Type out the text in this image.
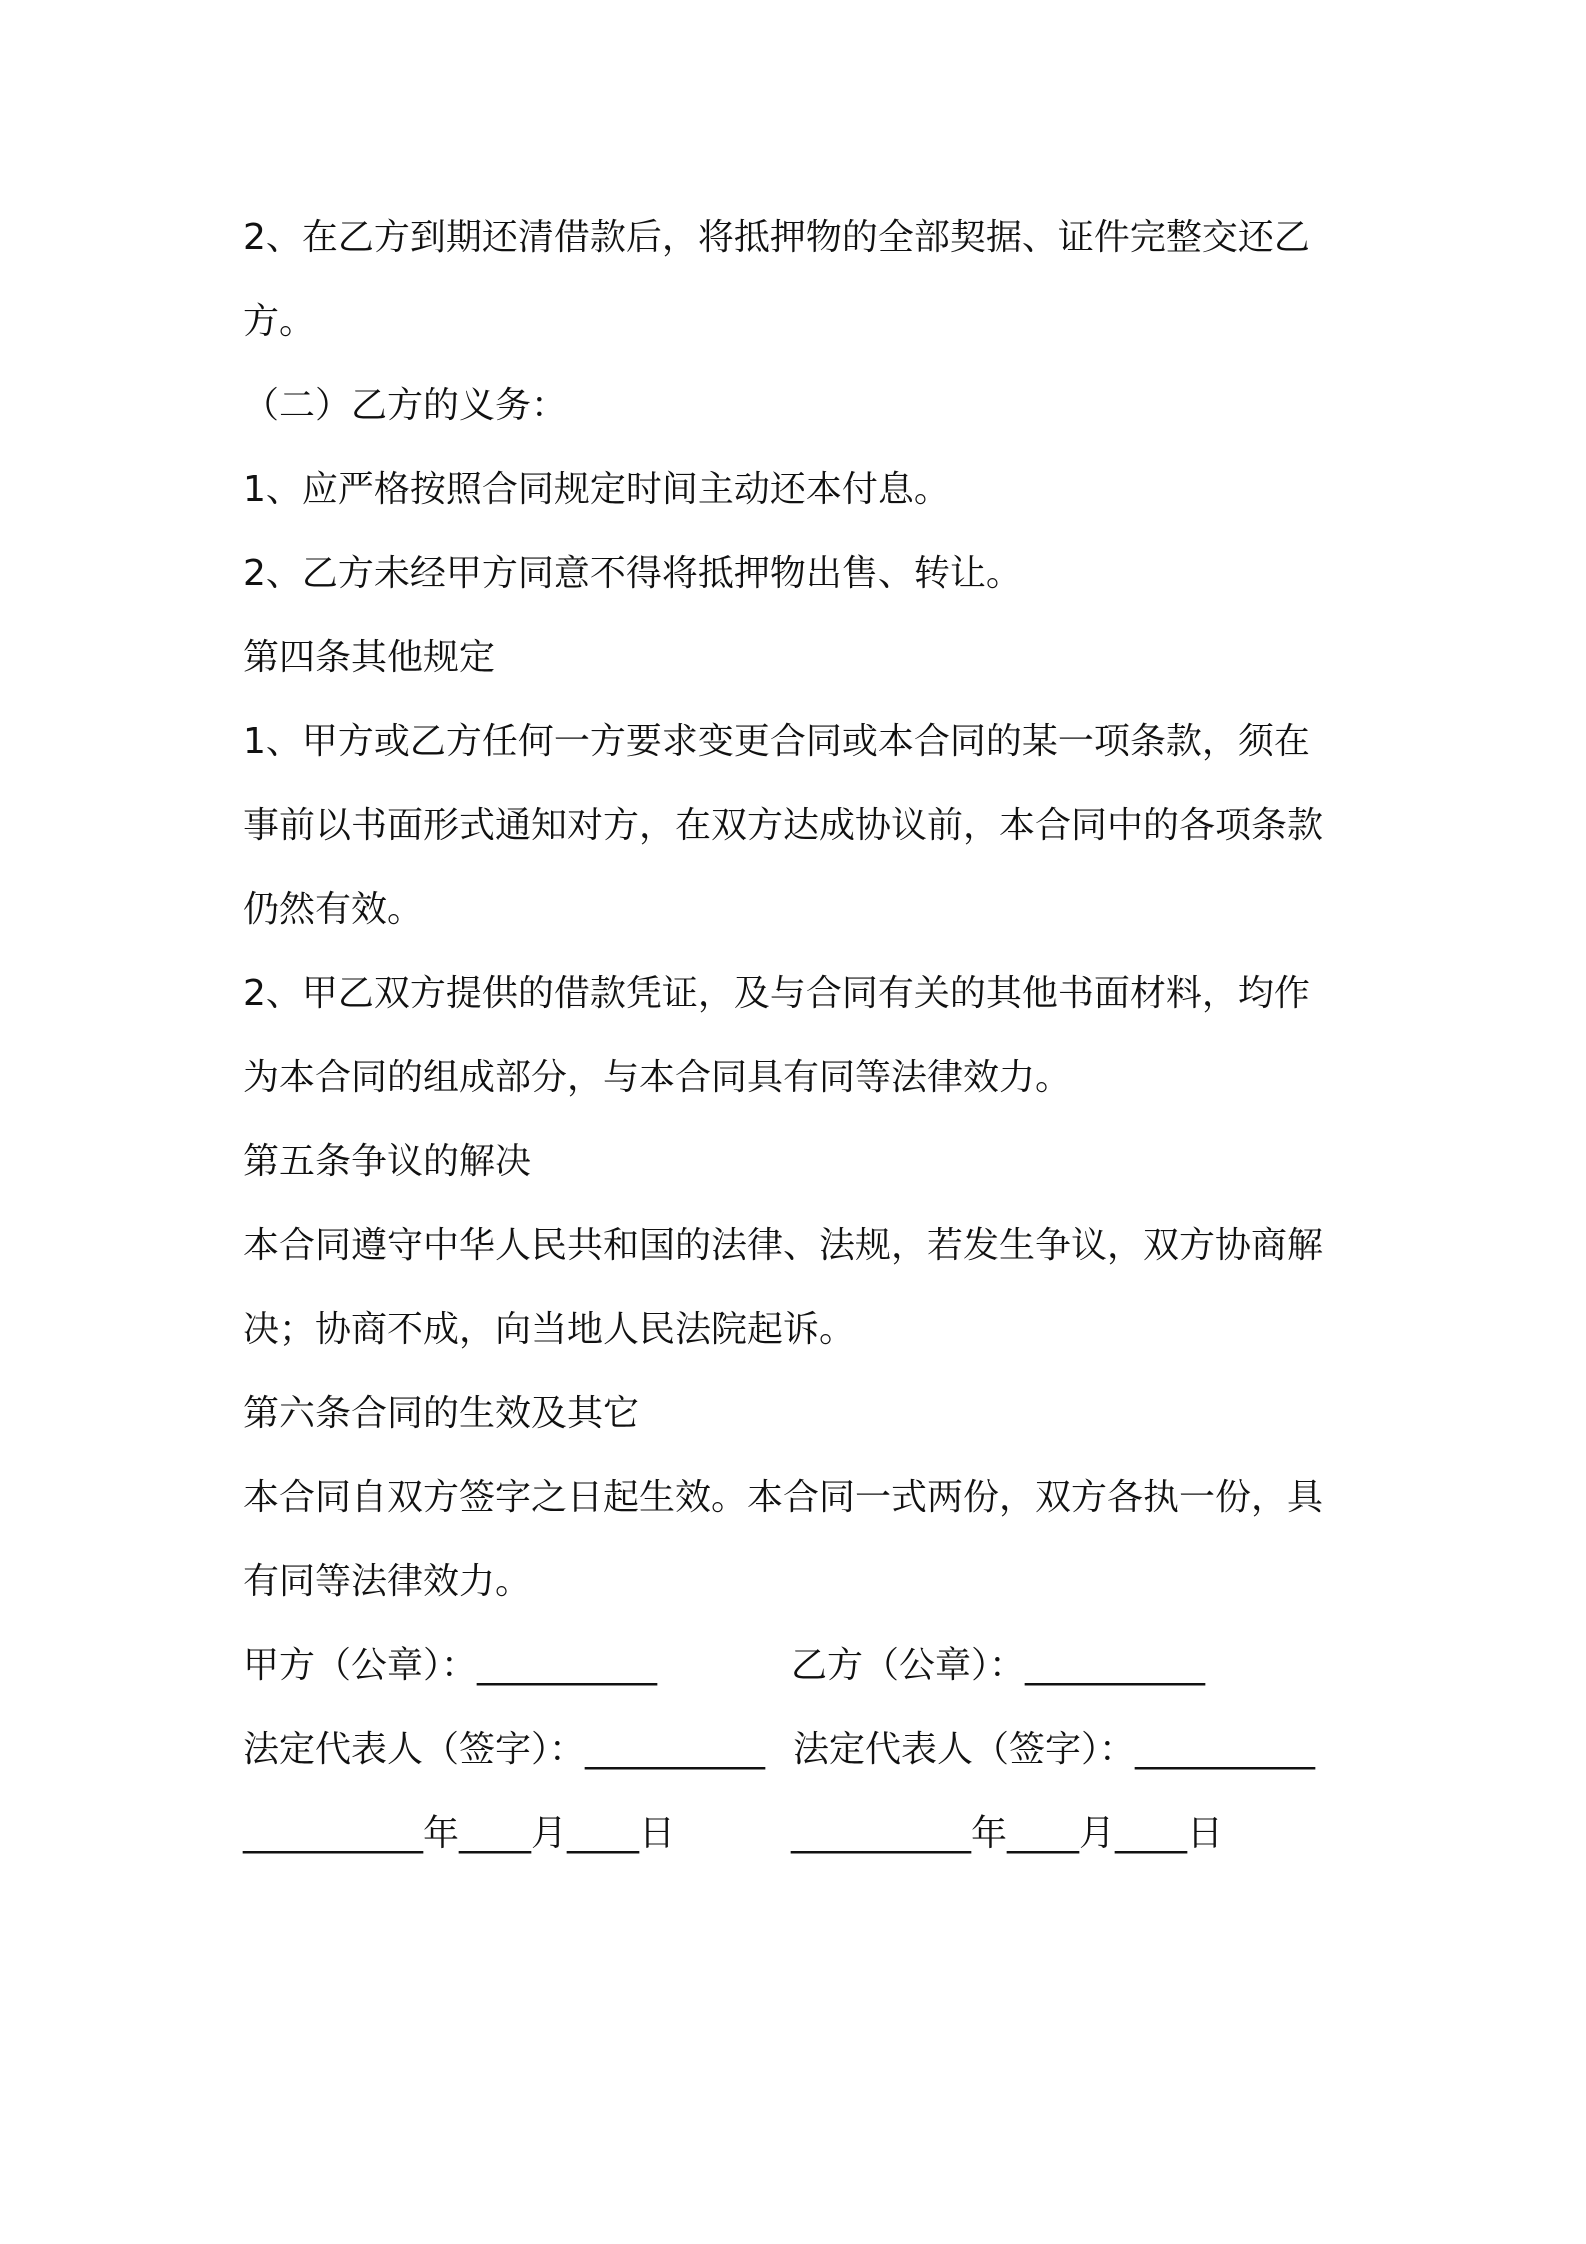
2、在乙方到期还清借款后，将抵押物的全部契据、证件完整交还乙
方。
（二）乙方的义务：
1、应严格按照合同规定时间主动还本付息。
2、乙方未经甲方同意不得将抵押物出售、转让。
第四条其他规定
1、甲方或乙方任何一方要求变更合同或本合同的某一项条款，须在
事前以书面形式通知对方，在双方达成协议前，本合同中的各项条款
仍然有效。
2、甲乙双方提供的借款凭证，及与合同有关的其他书面材料，均作
为本合同的组成部分，与本合同具有同等法律效力。
第五条争议的解决
本合同遵守中华人民共和国的法律、法规，若发生争议，双方协商解
决；协商不成，向当地人民法院起诉。
第六条合同的生效及其它
本合同自双方签字之日起生效。本合同一式两份，双方各执一份，具
有同等法律效力。
甲方（公章）：__________	乙方（公章）：__________
法定代表人（签字）：__________ 法定代表人（签字）：__________
__________年____月____日	__________年____月____日
